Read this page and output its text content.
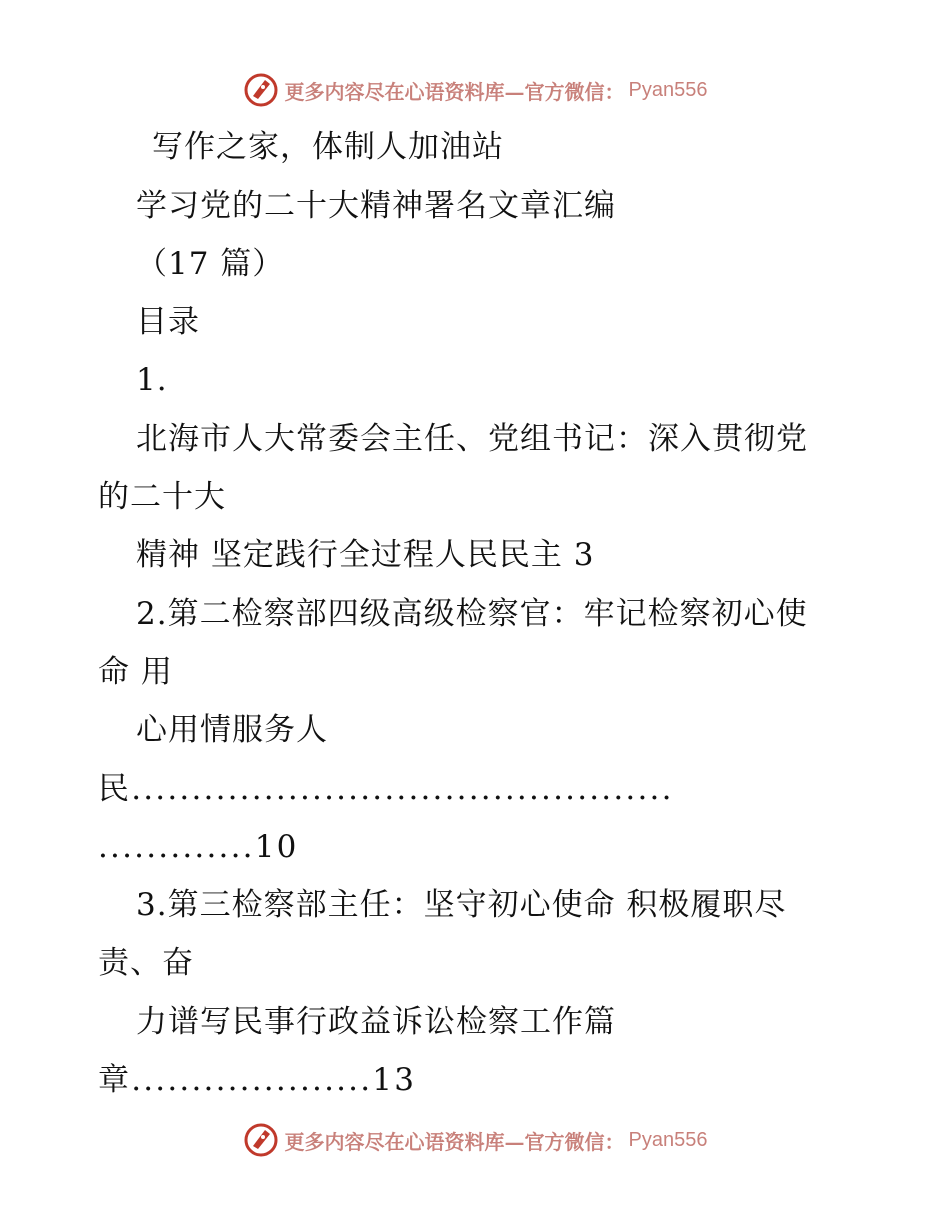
更多内容尽在心语资料库—官方微信： Pyan556
写作之家，体制人加油站
学习党的二十大精神署名文章汇编
（17 篇）
目录
1.
北海市人大常委会主任、党组书记：深入贯彻党
的二十大
精神 坚定践行全过程人民民主 3
2.第二检察部四级高级检察官：牢记检察初心使
命 用
心用情服务人
民.............................................
.............10
3.第三检察部主任：坚守初心使命 积极履职尽
责、奋
力谱写民事行政益诉讼检察工作篇
章....................13
更多内容尽在心语资料库—官方微信： Pyan556
